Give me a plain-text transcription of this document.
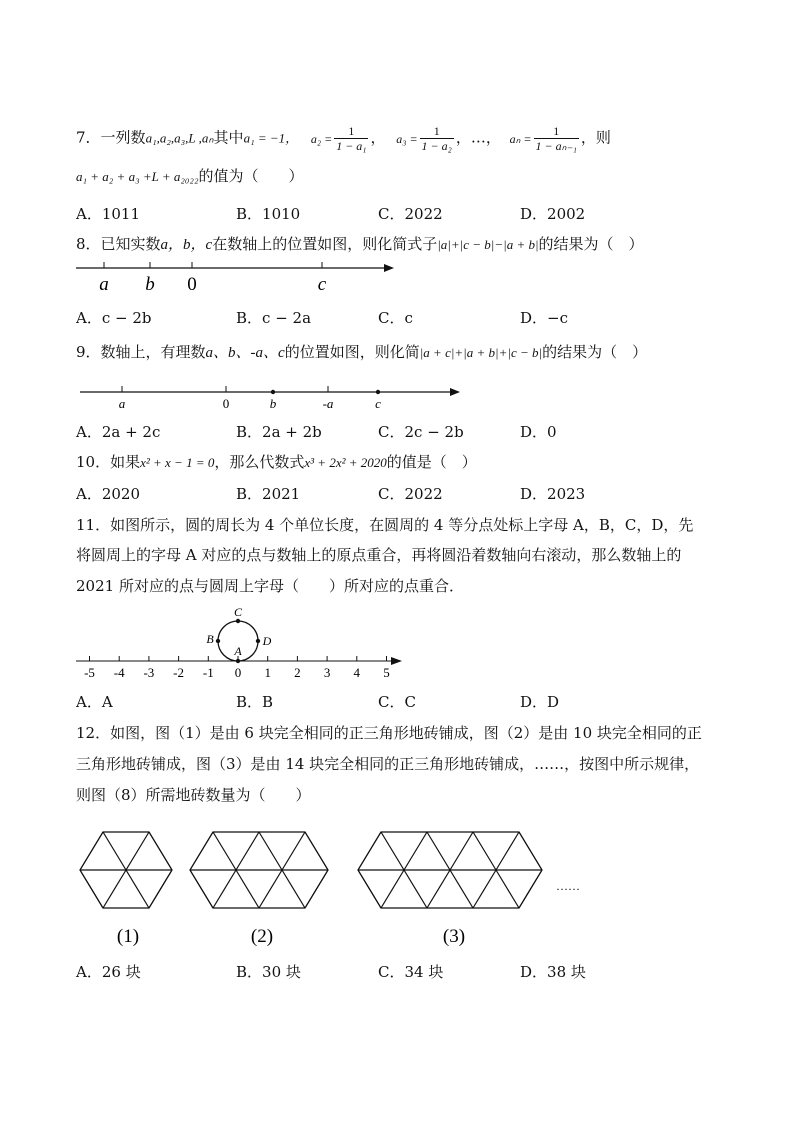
7．一列数a₁,a₂,a₃,L ,aₙ其中a₁ = −1， $a_2 = \frac{1}{\text{1 − a₁}}$ ， $a_3 = \frac{1}{\text{1 − a₂}}$ ，…， $a_n = \frac{1}{\text{1 − aₙ₋₁}}$ ，则
a₁ + a₂ + a₃ +L + a₂₀₂₂的值为（　　）
A．1011	B．1010	C．2022	D．2002
8．已知实数a，b，c在数轴上的位置如图，则化简式子|a|+|c − b|−|a + b|的结果为（　）
a b 0	c
A．c − 2b	B．c − 2a	C．c	D．−c
9．数轴上，有理数a、b、-a、c的位置如图，则化简|a + c|+|a + b|+|c − b|的结果为（　）
a	0	b	-a	c
A．2a + 2c	B．2a + 2b	C．2c − 2b	D．0
10．如果x² + x − 1 = 0，那么代数式x³ + 2x² + 2020的值是（　）
A．2020	B．2021	C．2022	D．2023
11．如图所示，圆的周长为 4 个单位长度，在圆周的 4 等分点处标上字母 A，B，C，D，先
将圆周上的字母 A 对应的点与数轴上的原点重合，再将圆沿着数轴向右滚动，那么数轴上的
2021 所对应的点与圆周上字母（　　）所对应的点重合．
-5 -4 -3 -2 -1 0 1 2 3 4 5
A
B
C
D
A．A	B．B	C．C	D．D
12．如图，图（1）是由 6 块完全相同的正三角形地砖铺成，图（2）是由 10 块完全相同的正
三角形地砖铺成，图（3）是由 14 块完全相同的正三角形地砖铺成，……，按图中所示规律，
则图（8）所需地砖数量为（　　）
……
(1)	(2)	(3)
A．26 块	B．30 块	C．34 块	D．38 块
